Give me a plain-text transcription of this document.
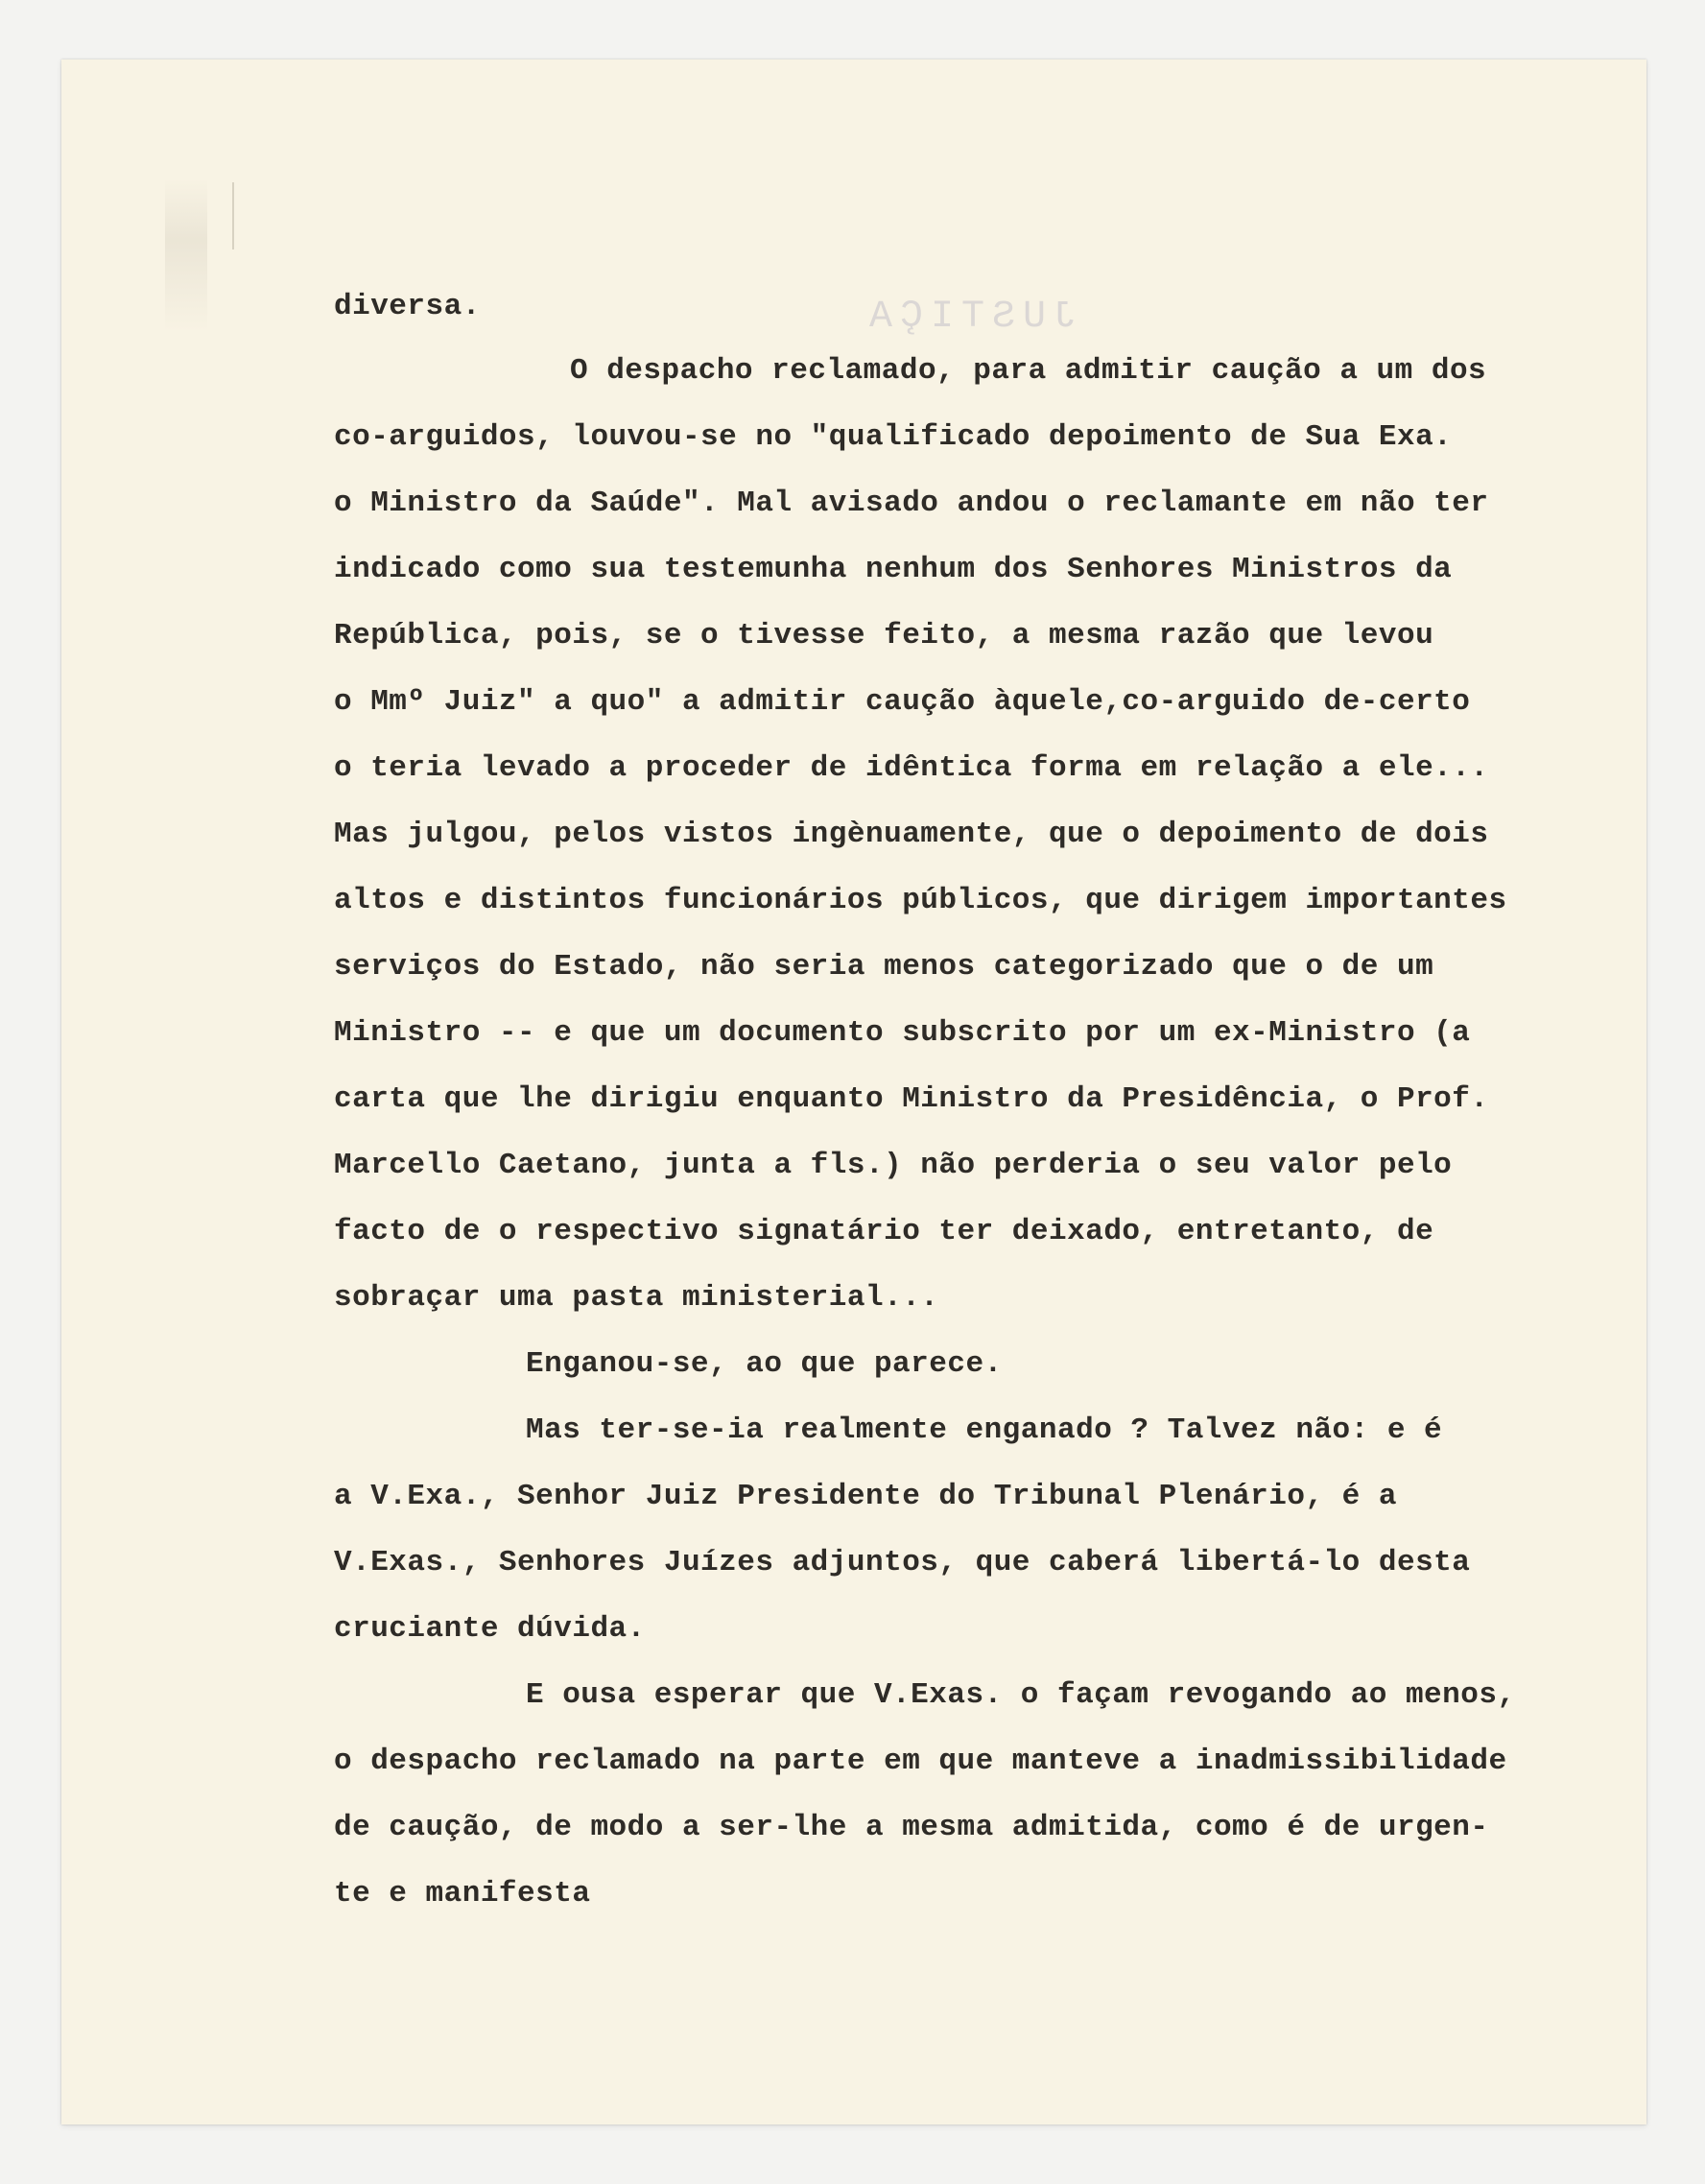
JUSTIÇA
diversa.
O despacho reclamado, para admitir caução a um dos
co-arguidos, louvou-se no "qualificado depoimento de Sua Exa.
o Ministro da Saúde". Mal avisado andou o reclamante em não ter
indicado como sua testemunha nenhum dos Senhores Ministros da
República, pois, se o tivesse feito, a mesma razão que levou
o Mmº Juiz" a quo" a admitir caução àquele,co-arguido de-certo
o teria levado a proceder de idêntica forma em relação a ele...
Mas julgou, pelos vistos ingènuamente, que o depoimento de dois
altos e distintos funcionários públicos, que dirigem importantes
serviços do Estado, não seria menos categorizado que o de um
Ministro -- e que um documento subscrito por um ex-Ministro (a
carta que lhe dirigiu enquanto Ministro da Presidência, o Prof.
Marcello Caetano, junta a fls.) não perderia o seu valor pelo
facto de o respectivo signatário ter deixado, entretanto, de
sobraçar uma pasta ministerial...
Enganou-se, ao que parece.
Mas ter-se-ia realmente enganado ? Talvez não: e é
a V.Exa., Senhor Juiz Presidente do Tribunal Plenário, é a
V.Exas., Senhores Juízes adjuntos, que caberá libertá-lo desta
cruciante dúvida.
E ousa esperar que V.Exas. o façam revogando ao menos,
o despacho reclamado na parte em que manteve a inadmissibilidade
de caução, de modo a ser-lhe a mesma admitida, como é de urgen-
te e manifesta
